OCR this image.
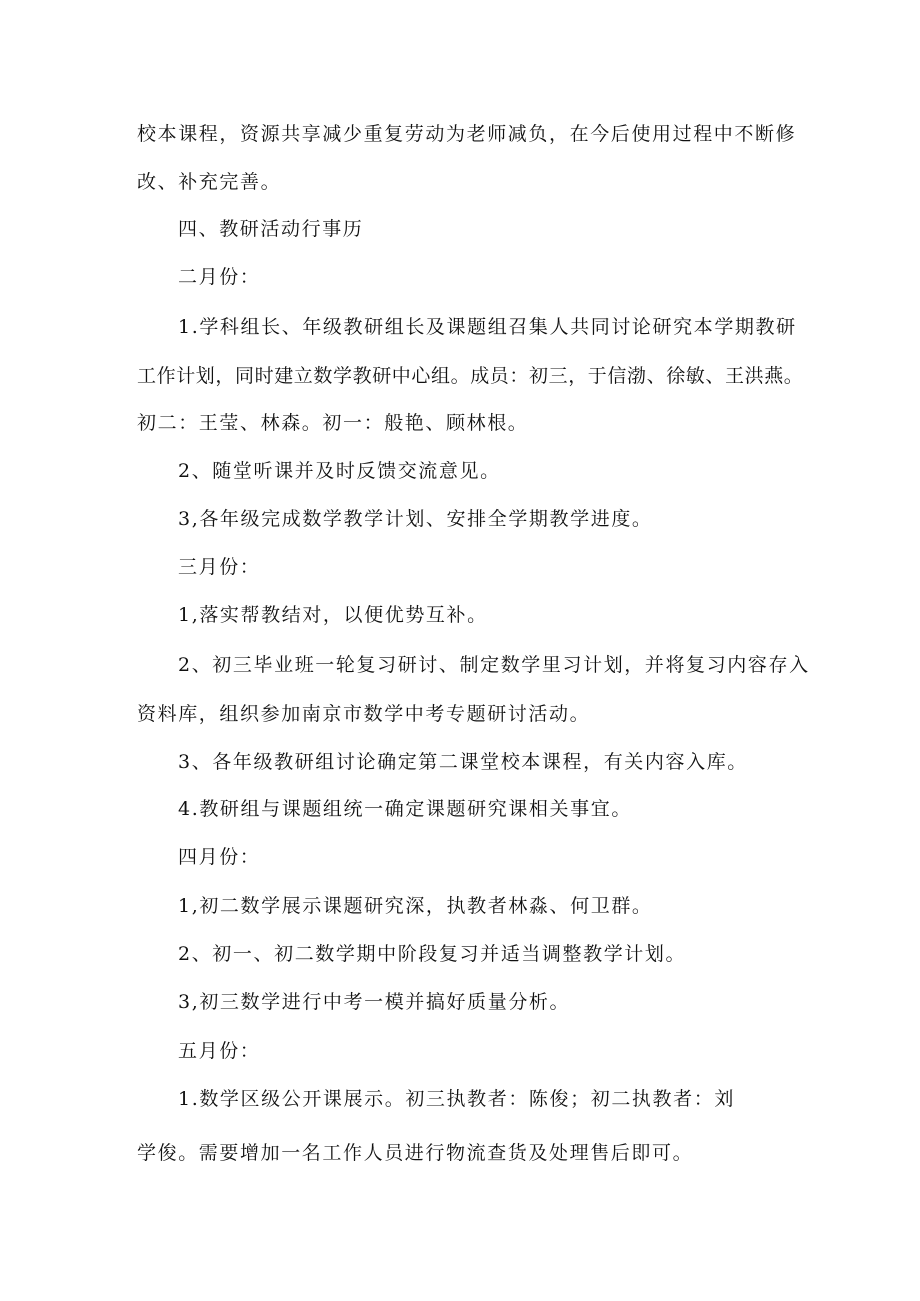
校本课程，资源共享减少重复劳动为老师减负，在今后使用过程中不断修
改、补充完善。
四、教研活动行事历
二月份：
1.学科组长、年级教研组长及课题组召集人共同讨论研究本学期教研
工作计划，同时建立数学教研中心组。成员：初三，于信渤、徐敏、王洪燕。
初二：王莹、林森。初一：般艳、顾林根。
2、随堂听课并及时反馈交流意见。
3,各年级完成数学教学计划、安排全学期教学进度。
三月份：
1,落实帮教结对，以便优势互补。
2、初三毕业班一轮复习研讨、制定数学里习计划，并将复习内容存入
资料库，组织参加南京市数学中考专题研讨活动。
3、各年级教研组讨论确定第二课堂校本课程，有关内容入库。
4.教研组与课题组统一确定课题研究课相关事宜。
四月份：
1,初二数学展示课题研究深，执教者林淼、何卫群。
2、初一、初二数学期中阶段复习并适当调整教学计划。
3,初三数学进行中考一模并搞好质量分析。
五月份：
1.数学区级公开课展示。初三执教者：陈俊；初二执教者：刘
学俊。需要增加一名工作人员进行物流查货及处理售后即可。
